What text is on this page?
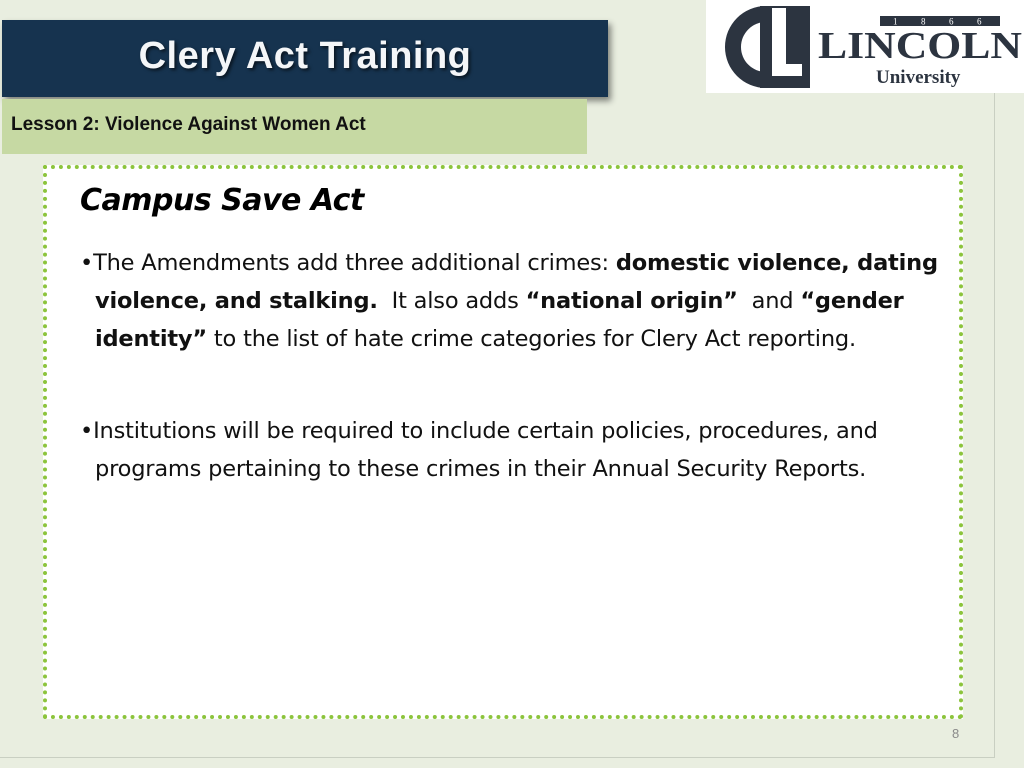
Clery Act Training
Lesson 2: Violence Against Women Act
1	8	6	6
LINCOLN
University
Campus Save Act
•The Amendments add three additional crimes: domestic violence, dating violence, and stalking.  It also adds “national origin”  and “gender identity” to the list of hate crime categories for Clery Act reporting.
•Institutions will be required to include certain policies, procedures, and programs pertaining to these crimes in their Annual Security Reports.
8
